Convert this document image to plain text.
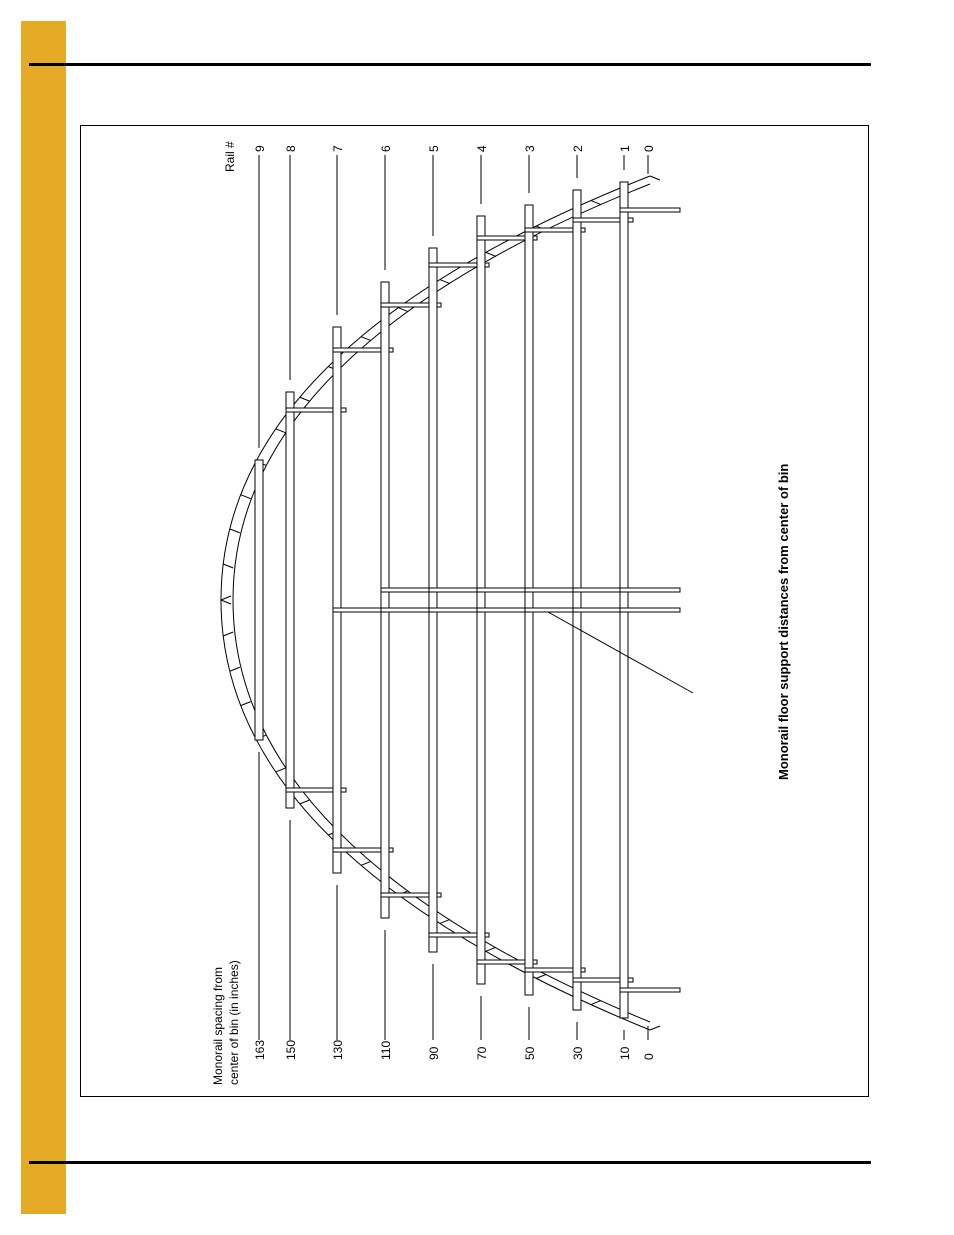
Monorail spacing from center of bin (in inches)
Rail #
Monorail floor support distances from center of bin
163 150	130	110	90	70	50	30	10 0
9 8	7	6	5	4	3	2	1 0
